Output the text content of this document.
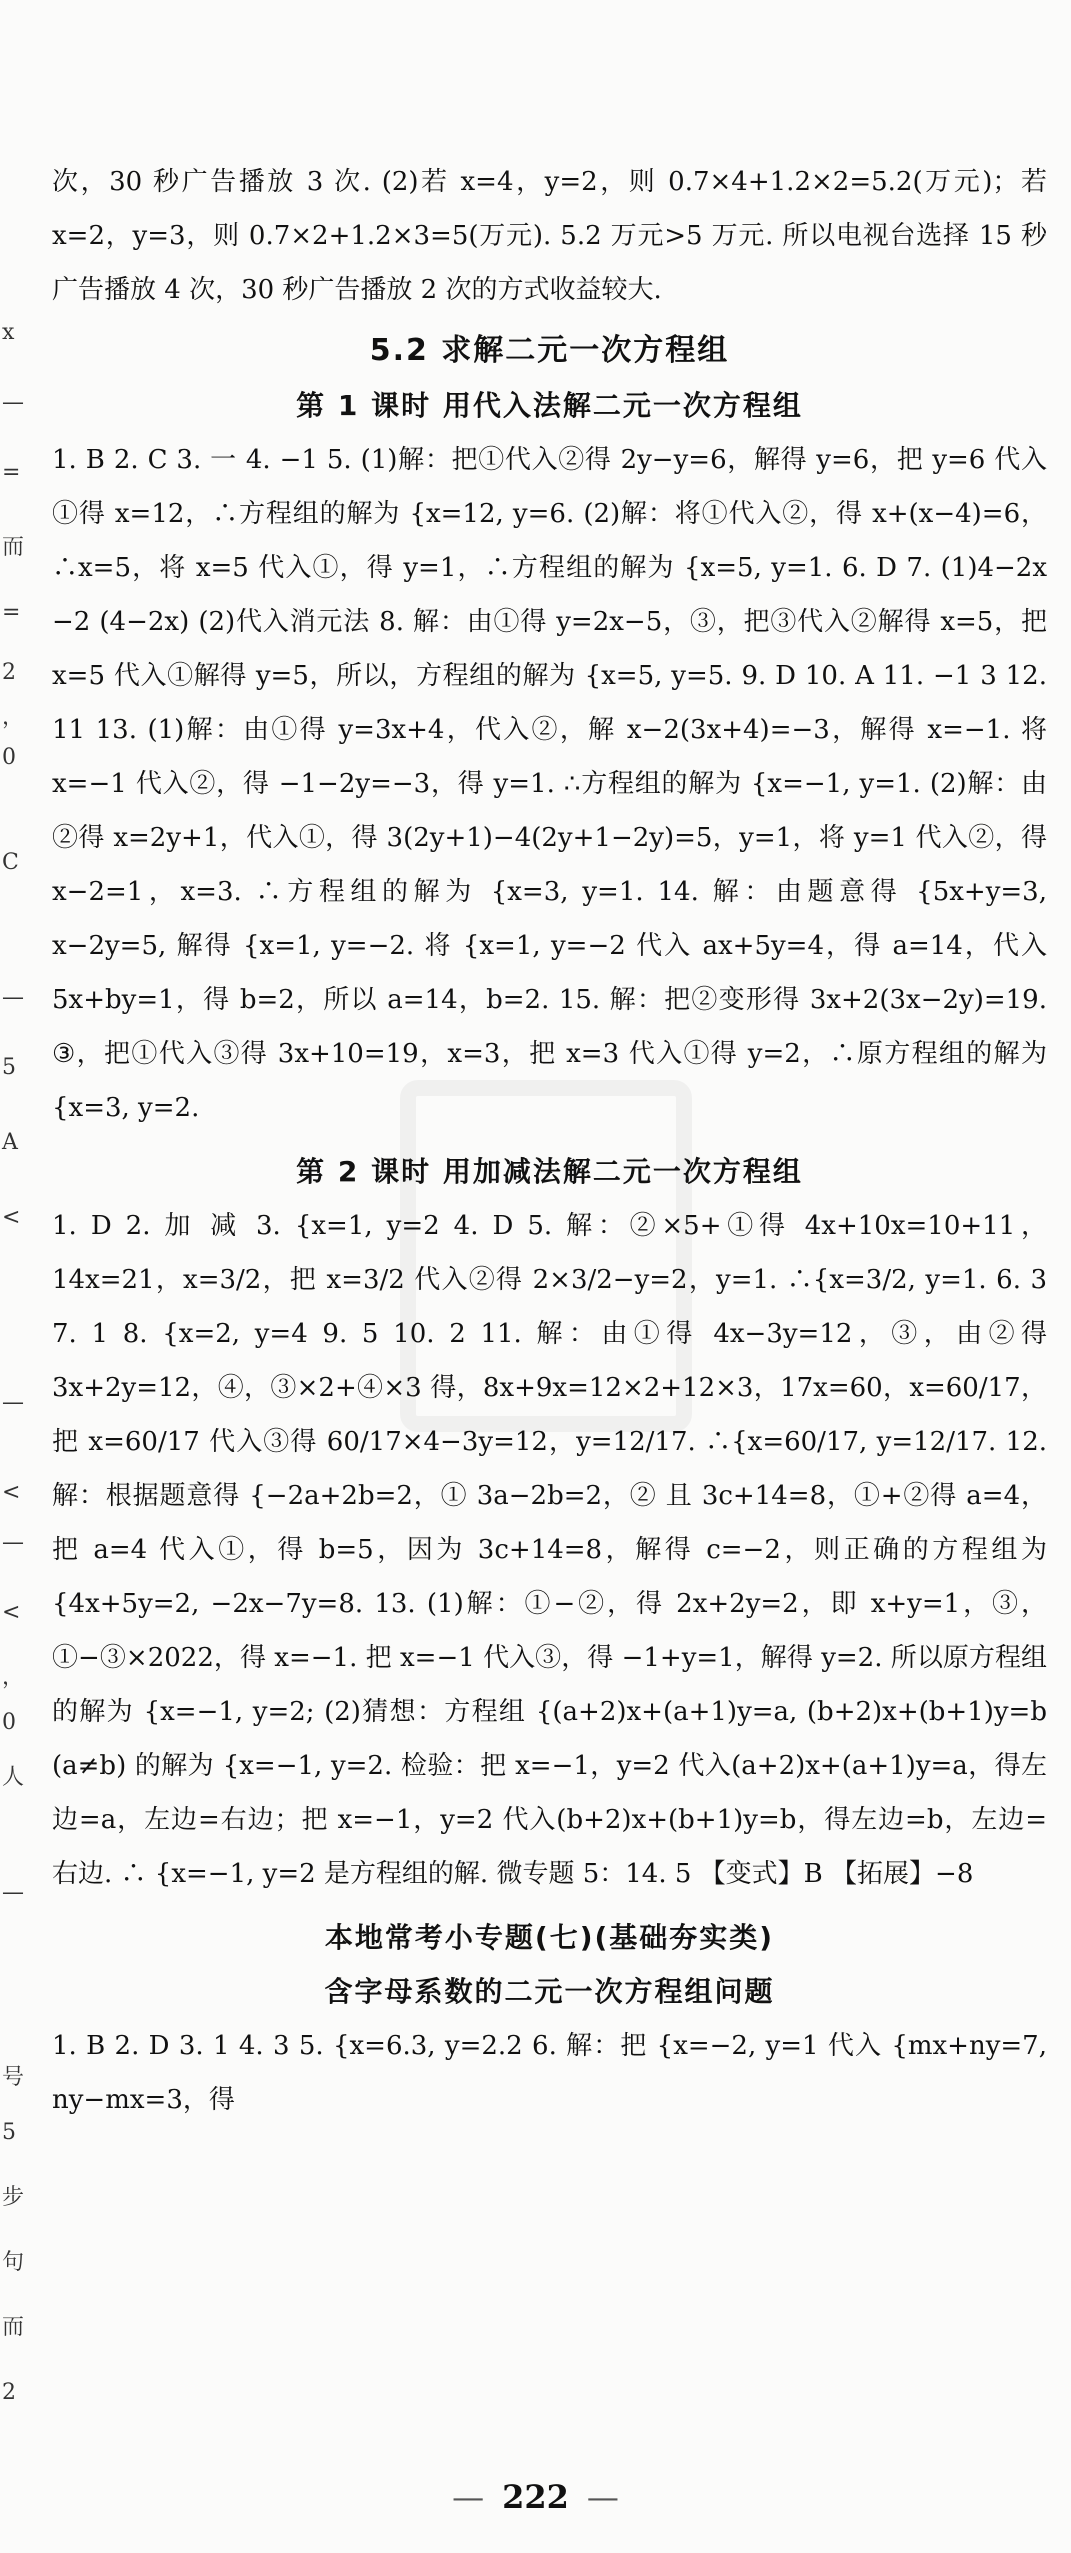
x
—
=
而
=
2
，
0
C
—
5
A
<
—
<
—
<
，
0
人
—
号
5
步
句
而
2

次，30 秒广告播放 3 次. (2)若 x=4，y=2，则 0.7×4+1.2×2=5.2(万元)；若 x=2，y=3，则 0.7×2+1.2×3=5(万元). 5.2 万元>5 万元. 所以电视台选择 15 秒广告播放 4 次，30 秒广告播放 2 次的方式收益较大.

5.2 求解二元一次方程组

第 1 课时 用代入法解二元一次方程组

1. B 2. C 3. 一 4. −1 5. (1)解：把①代入②得 2y−y=6，解得 y=6，把 y=6 代入①得 x=12，∴方程组的解为 {x=12, y=6. (2)解：将①代入②，得 x+(x−4)=6，∴x=5，将 x=5 代入①，得 y=1，∴方程组的解为 {x=5, y=1. 6. D 7. (1)4−2x −2 (4−2x) (2)代入消元法 8. 解：由①得 y=2x−5，③，把③代入②解得 x=5，把 x=5 代入①解得 y=5，所以，方程组的解为 {x=5, y=5. 9. D 10. A 11. −1 3 12. 11 13. (1)解：由①得 y=3x+4，代入②，解 x−2(3x+4)=−3，解得 x=−1. 将 x=−1 代入②，得 −1−2y=−3，得 y=1. ∴方程组的解为 {x=−1, y=1. (2)解：由②得 x=2y+1，代入①，得 3(2y+1)−4(2y+1−2y)=5，y=1，将 y=1 代入②，得 x−2=1，x=3. ∴方程组的解为 {x=3, y=1. 14. 解：由题意得 {5x+y=3, x−2y=5, 解得 {x=1, y=−2. 将 {x=1, y=−2 代入 ax+5y=4，得 a=14，代入 5x+by=1，得 b=2，所以 a=14，b=2. 15. 解：把②变形得 3x+2(3x−2y)=19. ③，把①代入③得 3x+10=19，x=3，把 x=3 代入①得 y=2，∴原方程组的解为 {x=3, y=2.

第 2 课时 用加减法解二元一次方程组

1. D 2. 加 减 3. {x=1, y=2 4. D 5. 解：②×5+①得 4x+10x=10+11，14x=21，x=3/2，把 x=3/2 代入②得 2×3/2−y=2，y=1. ∴{x=3/2, y=1. 6. 3 7. 1 8. {x=2, y=4 9. 5 10. 2 11. 解：由①得 4x−3y=12，③，由②得 3x+2y=12，④，③×2+④×3 得，8x+9x=12×2+12×3，17x=60，x=60/17，把 x=60/17 代入③得 60/17×4−3y=12，y=12/17. ∴{x=60/17, y=12/17. 12. 解：根据题意得 {−2a+2b=2，① 3a−2b=2，② 且 3c+14=8，①+②得 a=4，把 a=4 代入①，得 b=5，因为 3c+14=8，解得 c=−2，则正确的方程组为 {4x+5y=2, −2x−7y=8. 13. (1)解：①−②，得 2x+2y=2，即 x+y=1，③，①−③×2022，得 x=−1. 把 x=−1 代入③，得 −1+y=1，解得 y=2. 所以原方程组的解为 {x=−1, y=2; (2)猜想：方程组 {(a+2)x+(a+1)y=a, (b+2)x+(b+1)y=b (a≠b) 的解为 {x=−1, y=2. 检验：把 x=−1，y=2 代入(a+2)x+(a+1)y=a，得左边=a，左边=右边；把 x=−1，y=2 代入(b+2)x+(b+1)y=b，得左边=b，左边=右边. ∴ {x=−1, y=2 是方程组的解. 微专题 5：14. 5 【变式】B 【拓展】−8

本地常考小专题(七)(基础夯实类)

含字母系数的二元一次方程组问题

1. B 2. D 3. 1 4. 3 5. {x=6.3, y=2.2 6. 解：把 {x=−2, y=1 代入 {mx+ny=7, ny−mx=3，得

— 222 —
